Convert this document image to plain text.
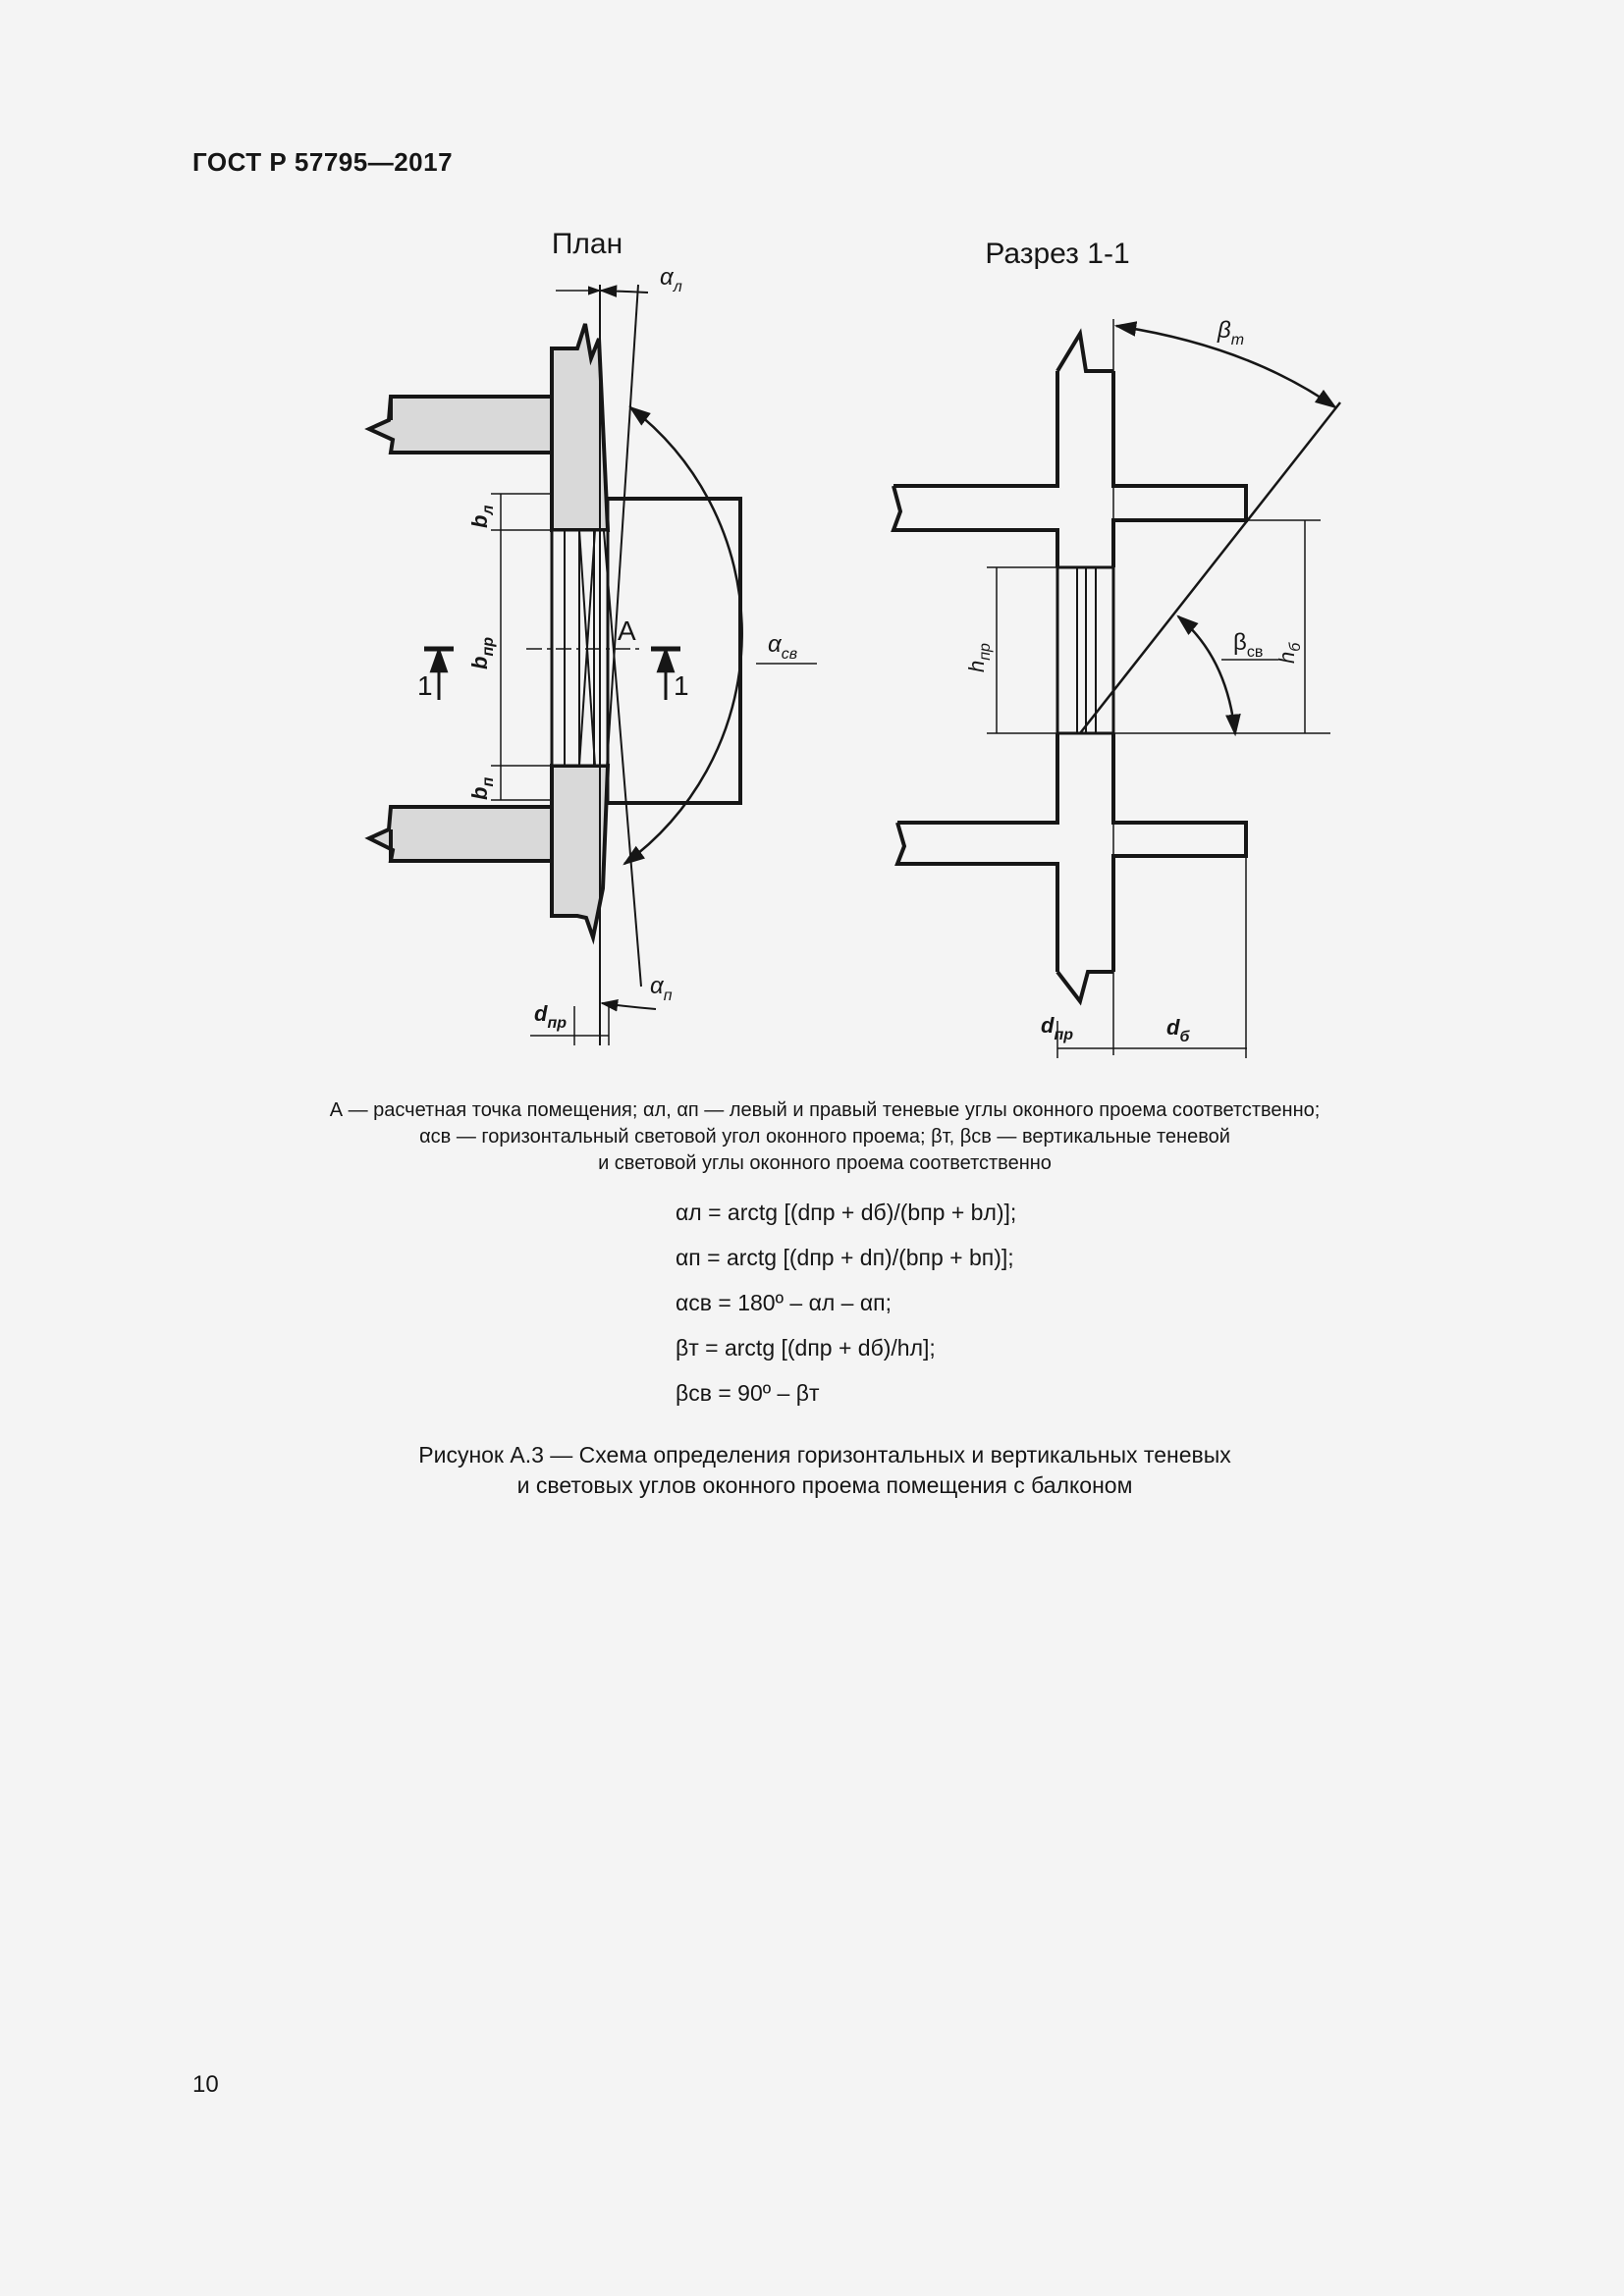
ГОСТ Р 57795—2017
План
А
1	1
$\alpha_л$
$\alpha_п$
$\alpha_{св}$
$d_{пр}$
$b_л$
$b_{пр}$
$b_п$
Разрез 1-1
$\beta_т$
$\beta_{св}$
$h_{пр}$	$h_б$
$d_{пр}$	$d_б$
А — расчетная точка помещения; αл, αп — левый и правый теневые углы оконного проема соответственно;
αсв — горизонтальный световой угол оконного проема; βт, βсв — вертикальные теневой
и световой углы оконного проема соответственно
αл = arctg [(dпр + dб)/(bпр + bл)];
αп = arctg [(dпр + dп)/(bпр + bп)];
αсв = 180º – αл – αп;
βт = arctg [(dпр + dб)/hл];
βсв = 90º – βт
Рисунок А.3 — Схема определения горизонтальных и вертикальных теневых
и световых углов оконного проема помещения с балконом
10
